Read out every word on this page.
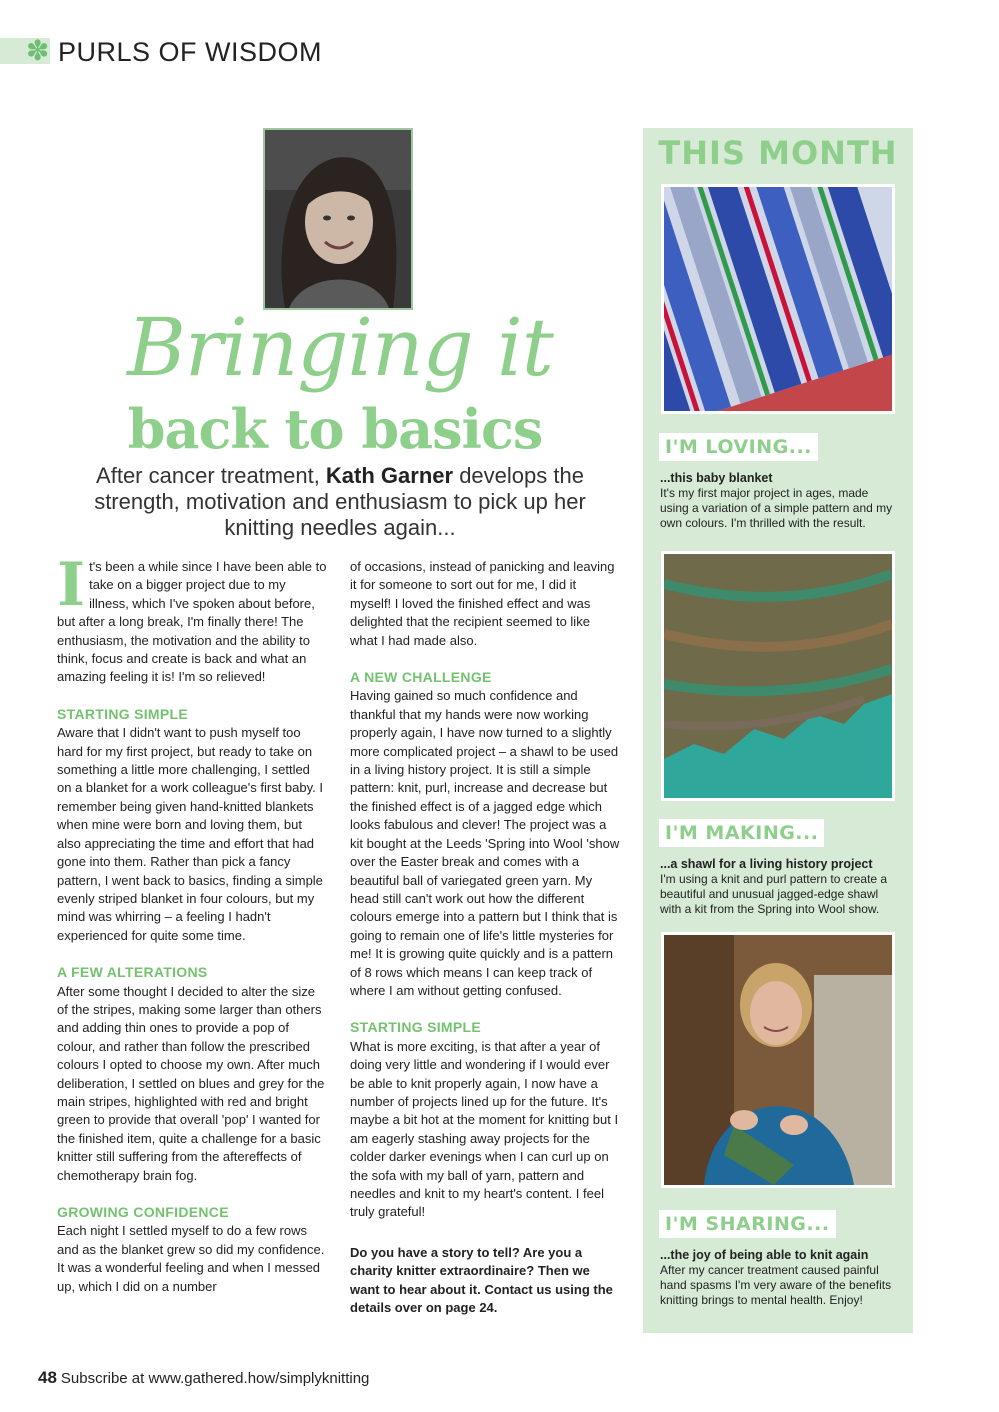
✽ PURLS OF WISDOM
Bringing it
back to basics
After cancer treatment, Kath Garner develops the strength, motivation and enthusiasm to pick up her knitting needles again...

It's been a while since I have been able to take on a bigger project due to my illness, which I've spoken about before, but after a long break, I'm finally there! The enthusiasm, the motivation and the ability to think, focus and create is back and what an amazing feeling it is! I'm so relieved!

STARTING SIMPLE

Aware that I didn't want to push myself too hard for my first project, but ready to take on something a little more challenging, I settled on a blanket for a work colleague's first baby. I remember being given hand-knitted blankets when mine were born and loving them, but also appreciating the time and effort that had gone into them. Rather than pick a fancy pattern, I went back to basics, finding a simple evenly striped blanket in four colours, but my mind was whirring – a feeling I hadn't experienced for quite some time.

A FEW ALTERATIONS

After some thought I decided to alter the size of the stripes, making some larger than others and adding thin ones to provide a pop of colour, and rather than follow the prescribed colours I opted to choose my own. After much deliberation, I settled on blues and grey for the main stripes, highlighted with red and bright green to provide that overall 'pop' I wanted for the finished item, quite a challenge for a basic knitter still suffering from the aftereffects of chemotherapy brain fog.

GROWING CONFIDENCE

Each night I settled myself to do a few rows and as the blanket grew so did my confidence. It was a wonderful feeling and when I messed up, which I did on a number

of occasions, instead of panicking and leaving it for someone to sort out for me, I did it myself! I loved the finished effect and was delighted that the recipient seemed to like what I had made also.

A NEW CHALLENGE

Having gained so much confidence and thankful that my hands were now working properly again, I have now turned to a slightly more complicated project – a shawl to be used in a living history project. It is still a simple pattern: knit, purl, increase and decrease but the finished effect is of a jagged edge which looks fabulous and clever! The project was a kit bought at the Leeds 'Spring into Wool 'show over the Easter break and comes with a beautiful ball of variegated green yarn. My head still can't work out how the different colours emerge into a pattern but I think that is going to remain one of life's little mysteries for me! It is growing quite quickly and is a pattern of 8 rows which means I can keep track of where I am without getting confused.

STARTING SIMPLE

What is more exciting, is that after a year of doing very little and wondering if I would ever be able to knit properly again, I now have a number of projects lined up for the future. It's maybe a bit hot at the moment for knitting but I am eagerly stashing away projects for the colder darker evenings when I can curl up on the sofa with my ball of yarn, pattern and needles and knit to my heart's content. I feel truly grateful!

Do you have a story to tell? Are you a charity knitter extraordinaire? Then we want to hear about it. Contact us using the details over on page 24.

THIS MONTH
I'M LOVING...
...this baby blanket
It's my first major project in ages, made using a variation of a simple pattern and my own colours. I'm thrilled with the result.
I'M MAKING...
...a shawl for a living history project
I'm using a knit and purl pattern to create a beautiful and unusual jagged-edge shawl with a kit from the Spring into Wool show.
I'M SHARING...
...the joy of being able to knit again
After my cancer treatment caused painful hand spasms I'm very aware of the benefits knitting brings to mental health. Enjoy!
48 Subscribe at www.gathered.how/simplyknitting
